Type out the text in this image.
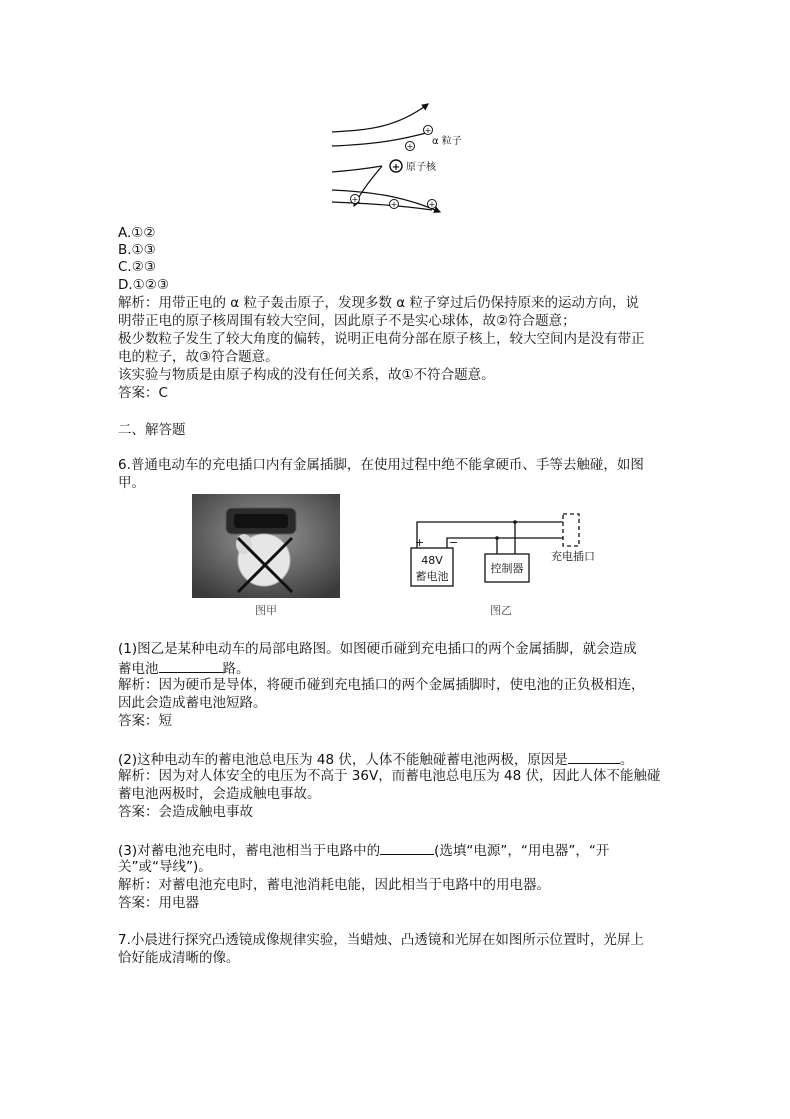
+
+
+
+
+	+
α 粒子
原子核
A.①②
B.①③
C.②③
D.①②③
解析：用带正电的 α 粒子轰击原子，发现多数 α 粒子穿过后仍保持原来的运动方向，说
明带正电的原子核周围有较大空间，因此原子不是实心球体，故②符合题意；
极少数粒子发生了较大角度的偏转，说明正电荷分部在原子核上，较大空间内是没有带正
电的粒子，故③符合题意。
该实验与物质是由原子构成的没有任何关系，故①不符合题意。
答案：C
二、解答题
6.普通电动车的充电插口内有金属插脚，在使用过程中绝不能拿硬币、手等去触碰，如图
甲。
图甲
+ −
48V
蓄电池
控制器
充电插口
图乙
(1)图乙是某种电动车的局部电路图。如图硬币碰到充电插口的两个金属插脚，就会造成
蓄电池	路。
解析：因为硬币是导体，将硬币碰到充电插口的两个金属插脚时，使电池的正负极相连，
因此会造成蓄电池短路。
答案：短
(2)这种电动车的蓄电池总电压为 48 伏，人体不能触碰蓄电池两极，原因是	。
解析：因为对人体安全的电压为不高于 36V，而蓄电池总电压为 48 伏，因此人体不能触碰
蓄电池两极时，会造成触电事故。
答案：会造成触电事故
(3)对蓄电池充电时，蓄电池相当于电路中的	(选填“电源”，“用电器”，“开
关”或“导线”)。
解析：对蓄电池充电时，蓄电池消耗电能，因此相当于电路中的用电器。
答案：用电器
7.小晨进行探究凸透镜成像规律实验，当蜡烛、凸透镜和光屏在如图所示位置时，光屏上
恰好能成清晰的像。
